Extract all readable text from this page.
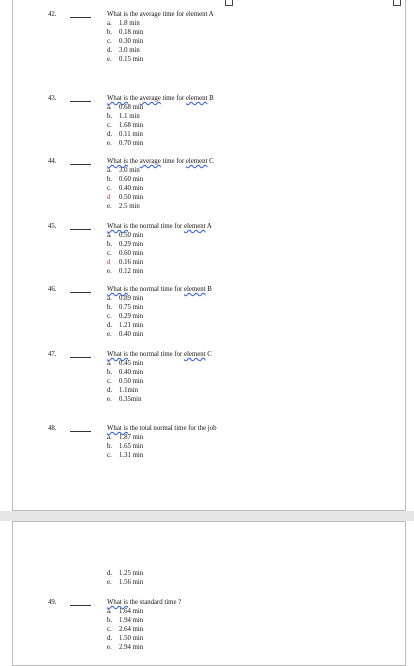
42.	What is the average time for element A
a. 1.8 min
b. 0.18 min
c. 0.30 min
d. 3.0 min
e. 0.15 min
43.	What is the average time for element B
a. 0.68 min
b. 1.1 min
c. 1.68 min
d. 0.11 min
e. 0.70 min
44.	What is the average time for element C
a. 3.0 min
b. 0.60 min
c. 0.40 min
d 0.50 min
e. 2.5 min
45.	What is the normal time for element A
a. 0.50 min
b. 0.29 min
c. 0.60 min
d 0.16 min
e. 0.12 min
46.	What is the normal time for element B
a. 0.89 min
b. 0.75 min
c. 0.29 min
d. 1.21 min
e. 0.40 min
47.	What is the normal time for element C
a. 0.45 min
b. 0.40 min
c. 0.50 min
d. 1.1min
e. 0.35min
48.	What is the total normal time for the job
a. 1.87 min
b. 1.65 min
c. 1.31 min
d. 1.25 min
e. 1.56 min
49.	What is the standard time ?
a. 1.64 min
b. 1.94 min
c. 2.64 min
d. 1.50 min
e. 2.94 min
